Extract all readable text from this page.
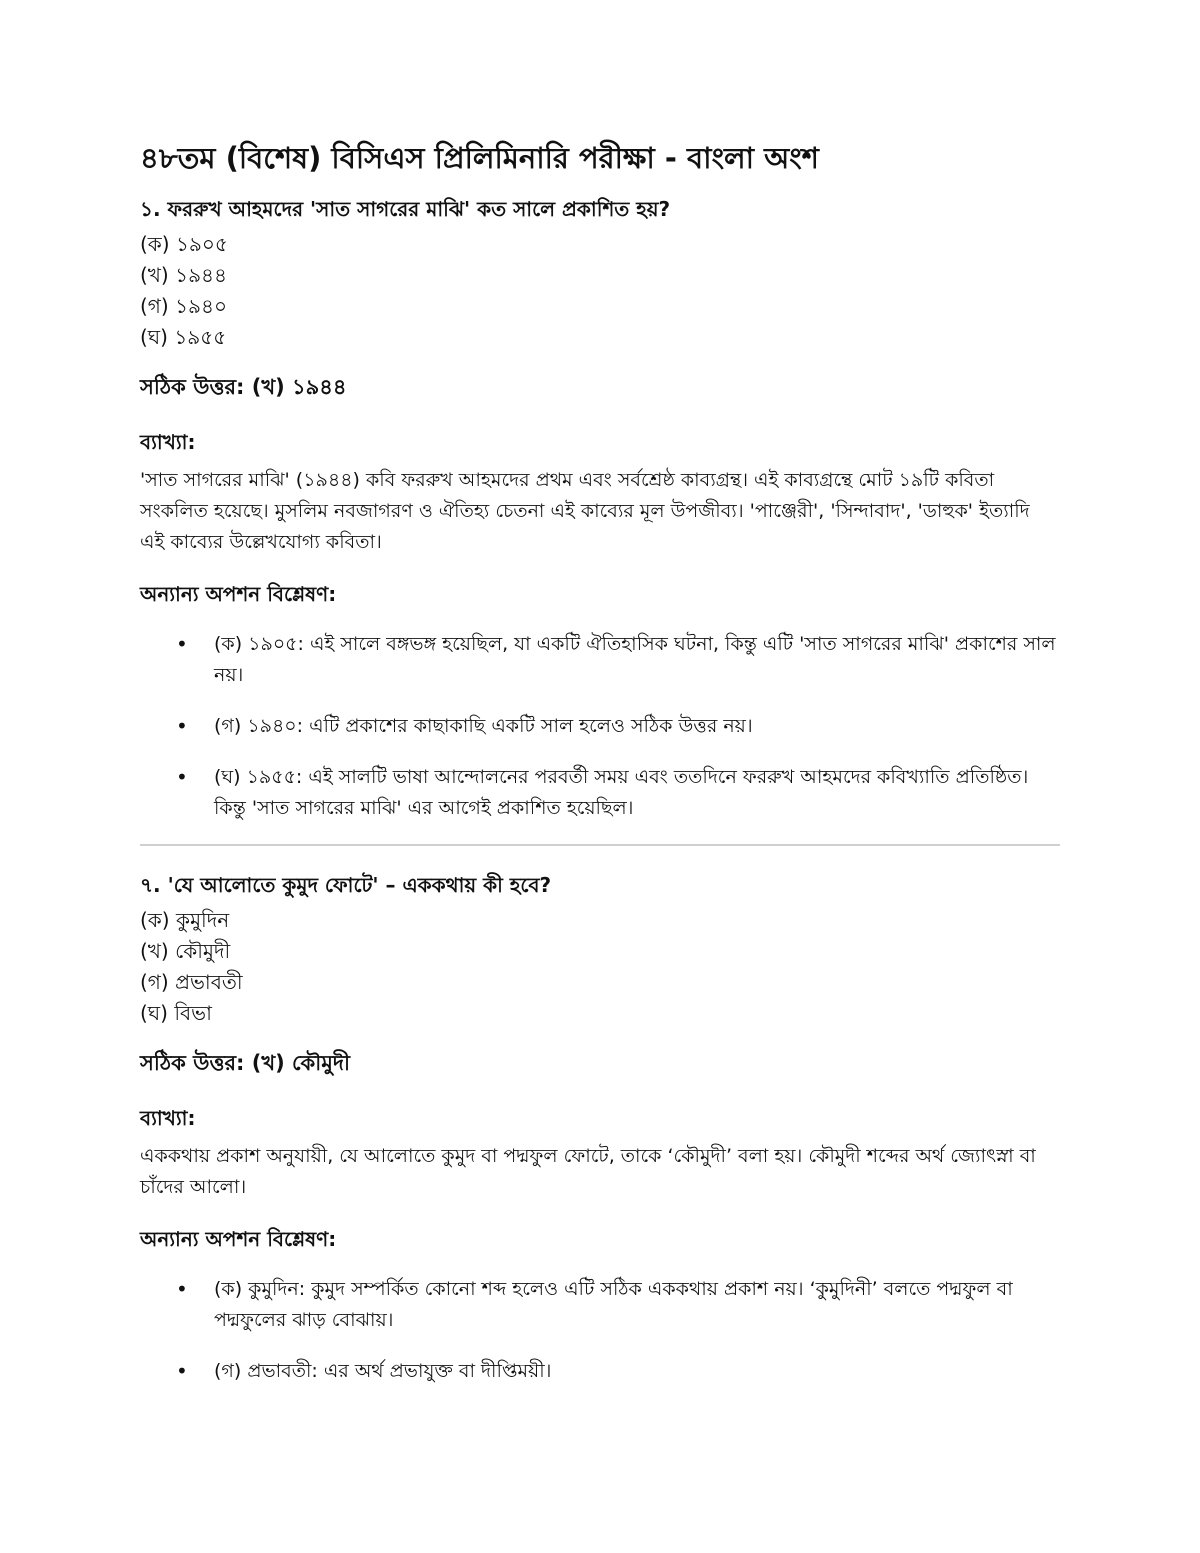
৪৮তম (বিশেষ) বিসিএস প্রিলিমিনারি পরীক্ষা - বাংলা অংশ

১. ফররুখ আহমদের 'সাত সাগরের মাঝি' কত সালে প্রকাশিত হয়?

(ক) ১৯০৫

(খ) ১৯৪৪

(গ) ১৯৪০

(ঘ) ১৯৫৫

সঠিক উত্তর: (খ) ১৯৪৪

ব্যাখ্যা:

'সাত সাগরের মাঝি' (১৯৪৪) কবি ফররুখ আহমদের প্রথম এবং সর্বশ্রেষ্ঠ কাব্যগ্রন্থ। এই কাব্যগ্রন্থে মোট ১৯টি কবিতা সংকলিত হয়েছে। মুসলিম নবজাগরণ ও ঐতিহ্য চেতনা এই কাব্যের মূল উপজীব্য। 'পাঞ্জেরী', 'সিন্দাবাদ', 'ডাহুক' ইত্যাদি এই কাব্যের উল্লেখযোগ্য কবিতা।

অন্যান্য অপশন বিশ্লেষণ:

• (ক) ১৯০৫: এই সালে বঙ্গভঙ্গ হয়েছিল, যা একটি ঐতিহাসিক ঘটনা, কিন্তু এটি 'সাত সাগরের মাঝি' প্রকাশের সাল নয়।
• (গ) ১৯৪০: এটি প্রকাশের কাছাকাছি একটি সাল হলেও সঠিক উত্তর নয়।
• (ঘ) ১৯৫৫: এই সালটি ভাষা আন্দোলনের পরবর্তী সময় এবং ততদিনে ফররুখ আহমদের কবিখ্যাতি প্রতিষ্ঠিত। কিন্তু 'সাত সাগরের মাঝি' এর আগেই প্রকাশিত হয়েছিল।

৭. 'যে আলোতে কুমুদ ফোটে' – এককথায় কী হবে?

(ক) কুমুদিন

(খ) কৌমুদী

(গ) প্রভাবতী

(ঘ) বিভা

সঠিক উত্তর: (খ) কৌমুদী

ব্যাখ্যা:

এককথায় প্রকাশ অনুযায়ী, যে আলোতে কুমুদ বা পদ্মফুল ফোটে, তাকে ‘কৌমুদী’ বলা হয়। কৌমুদী শব্দের অর্থ জ্যোৎস্না বা চাঁদের আলো।

অন্যান্য অপশন বিশ্লেষণ:

• (ক) কুমুদিন: কুমুদ সম্পর্কিত কোনো শব্দ হলেও এটি সঠিক এককথায় প্রকাশ নয়। ‘কুমুদিনী’ বলতে পদ্মফুল বা পদ্মফুলের ঝাড় বোঝায়।
• (গ) প্রভাবতী: এর অর্থ প্রভাযুক্ত বা দীপ্তিময়ী।
